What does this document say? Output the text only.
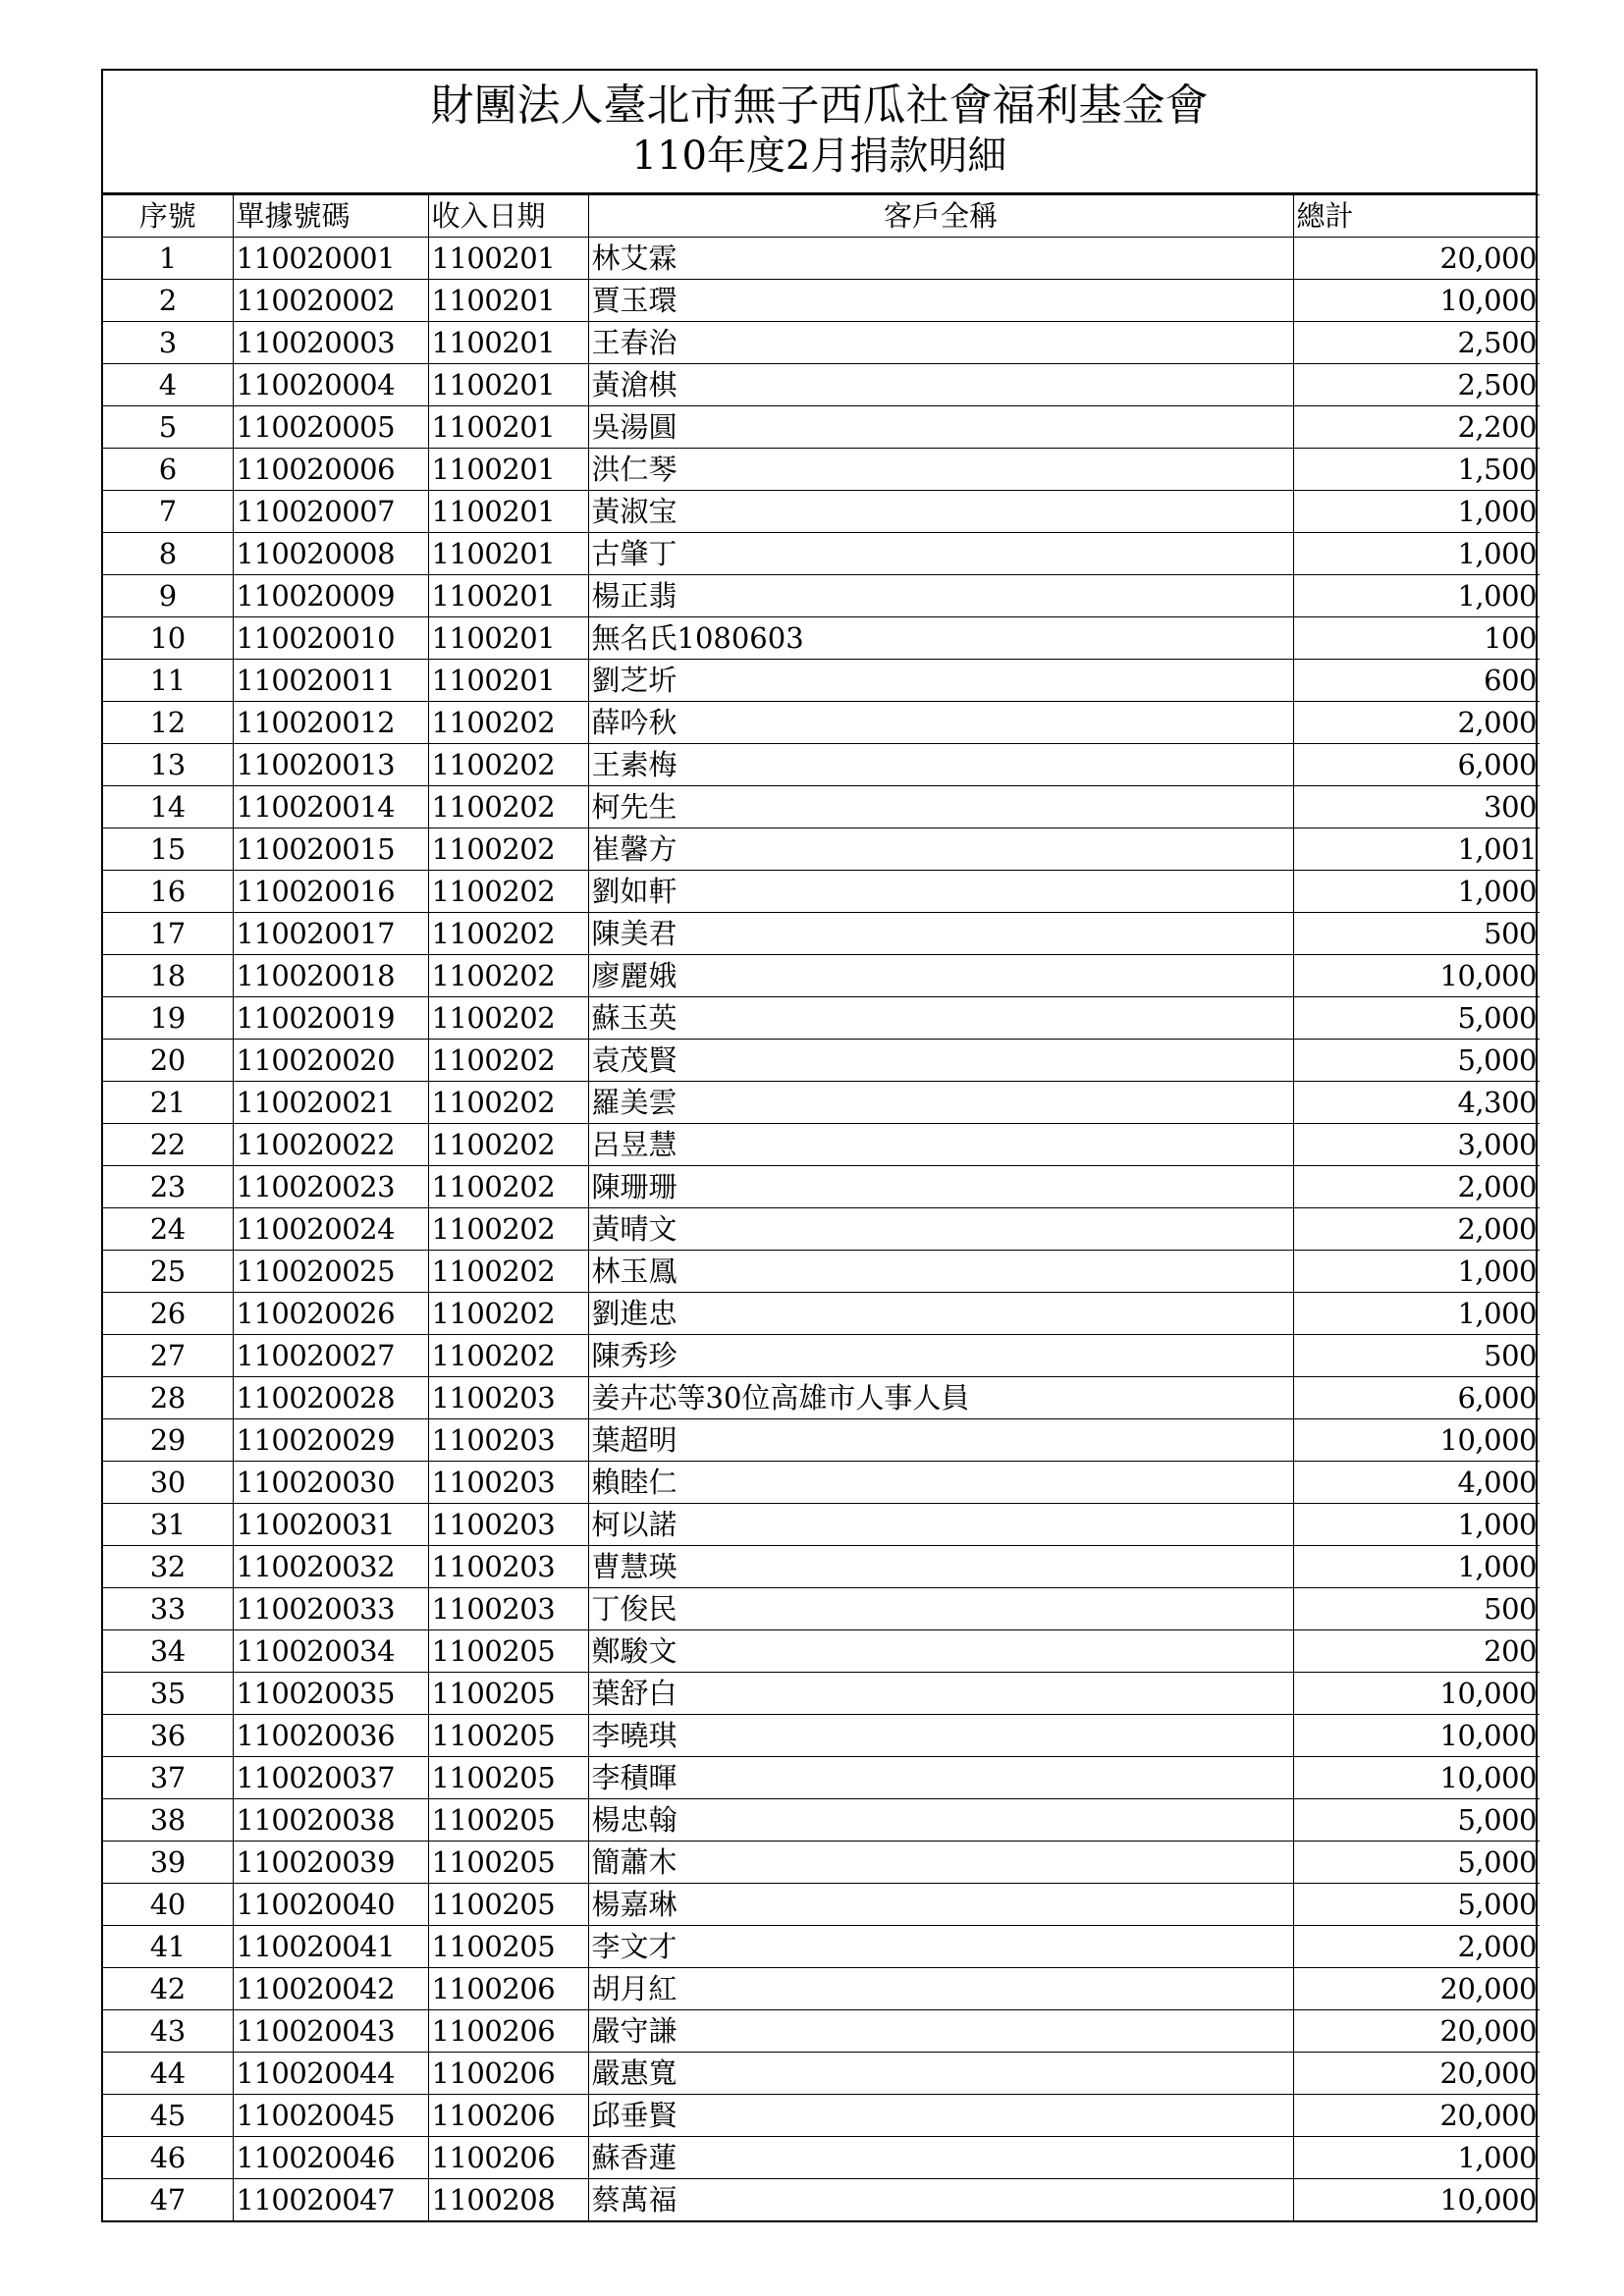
財團法人臺北市無子西瓜社會福利基金會
110年度2月捐款明細
序號	單據號碼	收入日期	客戶全稱	總計
1	110020001	1100201	林艾霖	20,000
2	110020002	1100201	賈玉環	10,000
3	110020003	1100201	王春治	2,500
4	110020004	1100201	黃滄棋	2,500
5	110020005	1100201	吳湯圓	2,200
6	110020006	1100201	洪仁琴	1,500
7	110020007	1100201	黃淑宝	1,000
8	110020008	1100201	古肇丁	1,000
9	110020009	1100201	楊正翡	1,000
10	110020010	1100201	無名氏1080603	100
11	110020011	1100201	劉芝圻	600
12	110020012	1100202	薛吟秋	2,000
13	110020013	1100202	王素梅	6,000
14	110020014	1100202	柯先生	300
15	110020015	1100202	崔馨方	1,001
16	110020016	1100202	劉如軒	1,000
17	110020017	1100202	陳美君	500
18	110020018	1100202	廖麗娥	10,000
19	110020019	1100202	蘇玉英	5,000
20	110020020	1100202	袁茂賢	5,000
21	110020021	1100202	羅美雲	4,300
22	110020022	1100202	呂昱慧	3,000
23	110020023	1100202	陳珊珊	2,000
24	110020024	1100202	黃晴文	2,000
25	110020025	1100202	林玉鳳	1,000
26	110020026	1100202	劉進忠	1,000
27	110020027	1100202	陳秀珍	500
28	110020028	1100203	姜卉芯等30位高雄市人事人員	6,000
29	110020029	1100203	葉超明	10,000
30	110020030	1100203	賴睦仁	4,000
31	110020031	1100203	柯以諾	1,000
32	110020032	1100203	曹慧瑛	1,000
33	110020033	1100203	丁俊民	500
34	110020034	1100205	鄭駿文	200
35	110020035	1100205	葉舒白	10,000
36	110020036	1100205	李曉琪	10,000
37	110020037	1100205	李積暉	10,000
38	110020038	1100205	楊忠翰	5,000
39	110020039	1100205	簡蕭木	5,000
40	110020040	1100205	楊嘉琳	5,000
41	110020041	1100205	李文才	2,000
42	110020042	1100206	胡月紅	20,000
43	110020043	1100206	嚴守謙	20,000
44	110020044	1100206	嚴惠寬	20,000
45	110020045	1100206	邱垂賢	20,000
46	110020046	1100206	蘇香蓮	1,000
47	110020047	1100208	蔡萬福	10,000
